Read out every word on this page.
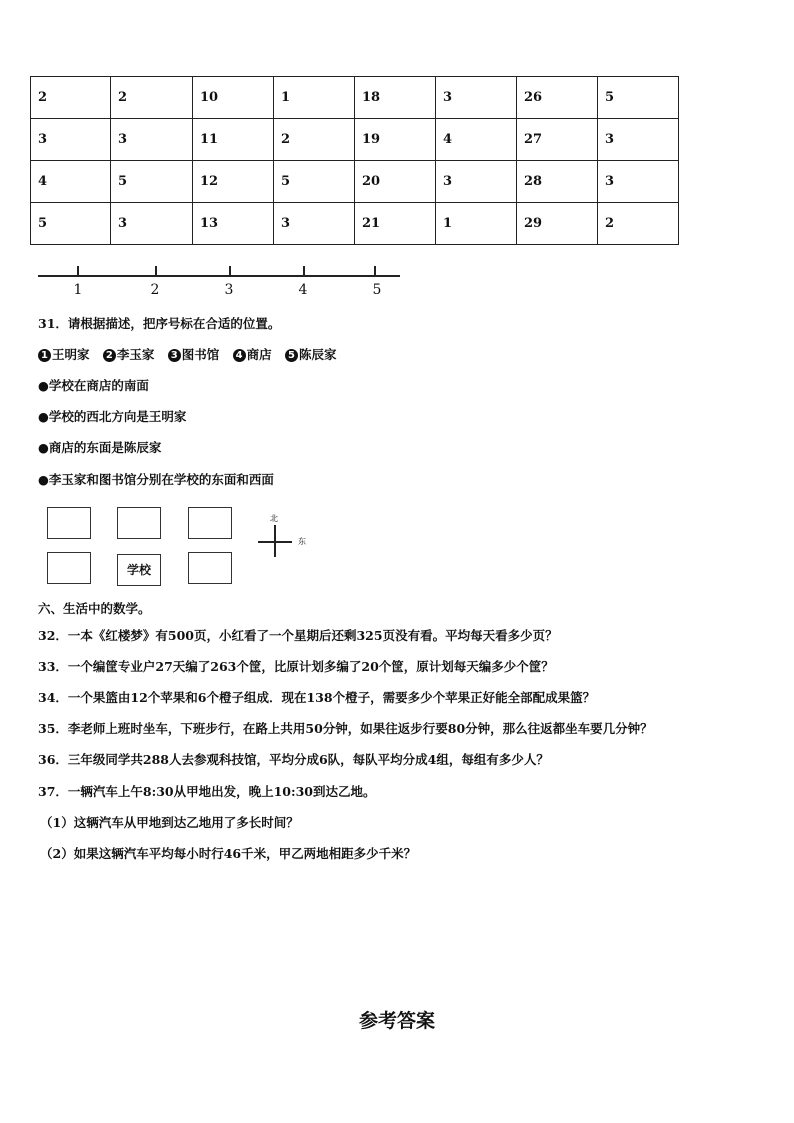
2	2	10	1	18	3	26	5
3	3	11	2	19	4	27	3
4	5	12	5	20	3	28	3
5	3	13	3	21	1	29	2
1	2	3	4	5
31．请根据描述，把序号标在合适的位置。
1 王明家 2 李玉家 3 图书馆 4 商店 5 陈辰家
●学校在商店的南面
●学校的西北方向是王明家
●商店的东面是陈辰家
●李玉家和图书馆分别在学校的东面和西面
学校
北
东
六、生活中的数学。
32．一本《红楼梦》有500页，小红看了一个星期后还剩325页没有看。平均每天看多少页？
33．一个编筐专业户27天编了263个筐，比原计划多编了20个筐，原计划每天编多少个筐？
34．一个果篮由12个苹果和6个橙子组成．现在138个橙子，需要多少个苹果正好能全部配成果篮？
35．李老师上班时坐车，下班步行，在路上共用50分钟，如果往返步行要80分钟，那么往返都坐车要几分钟？
36．三年级同学共288人去参观科技馆，平均分成6队，每队平均分成4组，每组有多少人？
37．一辆汽车上午8:30从甲地出发，晚上10:30到达乙地。
（1）这辆汽车从甲地到达乙地用了多长时间？
（2）如果这辆汽车平均每小时行46千米，甲乙两地相距多少千米？
参考答案
